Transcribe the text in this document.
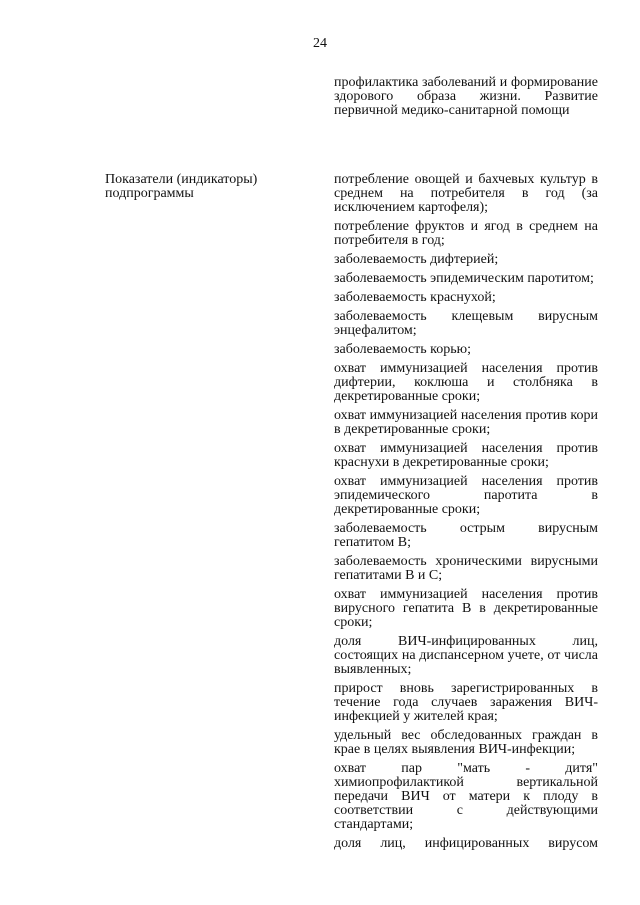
24
профилактика заболеваний и формирование здорового образа жизни. Развитие первичной медико-санитарной помощи
Показатели (индикаторы) подпрограммы
потребление овощей и бахчевых культур в среднем на потребителя в год (за исключением картофеля);
потребление фруктов и ягод в среднем на потребителя в год;
заболеваемость дифтерией;
заболеваемость эпидемическим паротитом;
заболеваемость краснухой;
заболеваемость клещевым вирусным энцефалитом;
заболеваемость корью;
охват иммунизацией населения против дифтерии, коклюша и столбняка в декретированные сроки;
охват иммунизацией населения против кори в декретированные сроки;
охват иммунизацией населения против краснухи в декретированные сроки;
охват иммунизацией населения против эпидемического паротита в декретированные сроки;
заболеваемость острым вирусным гепатитом В;
заболеваемость хроническими вирусными гепатитами В и С;
охват иммунизацией населения против вирусного гепатита В в декретированные сроки;
доля ВИЧ-инфицированных лиц, состоящих на диспансерном учете, от числа выявленных;
прирост вновь зарегистрированных в течение года случаев заражения ВИЧ-инфекцией у жителей края;
удельный вес обследованных граждан в крае в целях выявления ВИЧ-инфекции;
охват пар "мать - дитя" химиопрофилактикой вертикальной передачи ВИЧ от матери к плоду в соответствии с действующими стандартами;
доля лиц, инфицированных вирусом
